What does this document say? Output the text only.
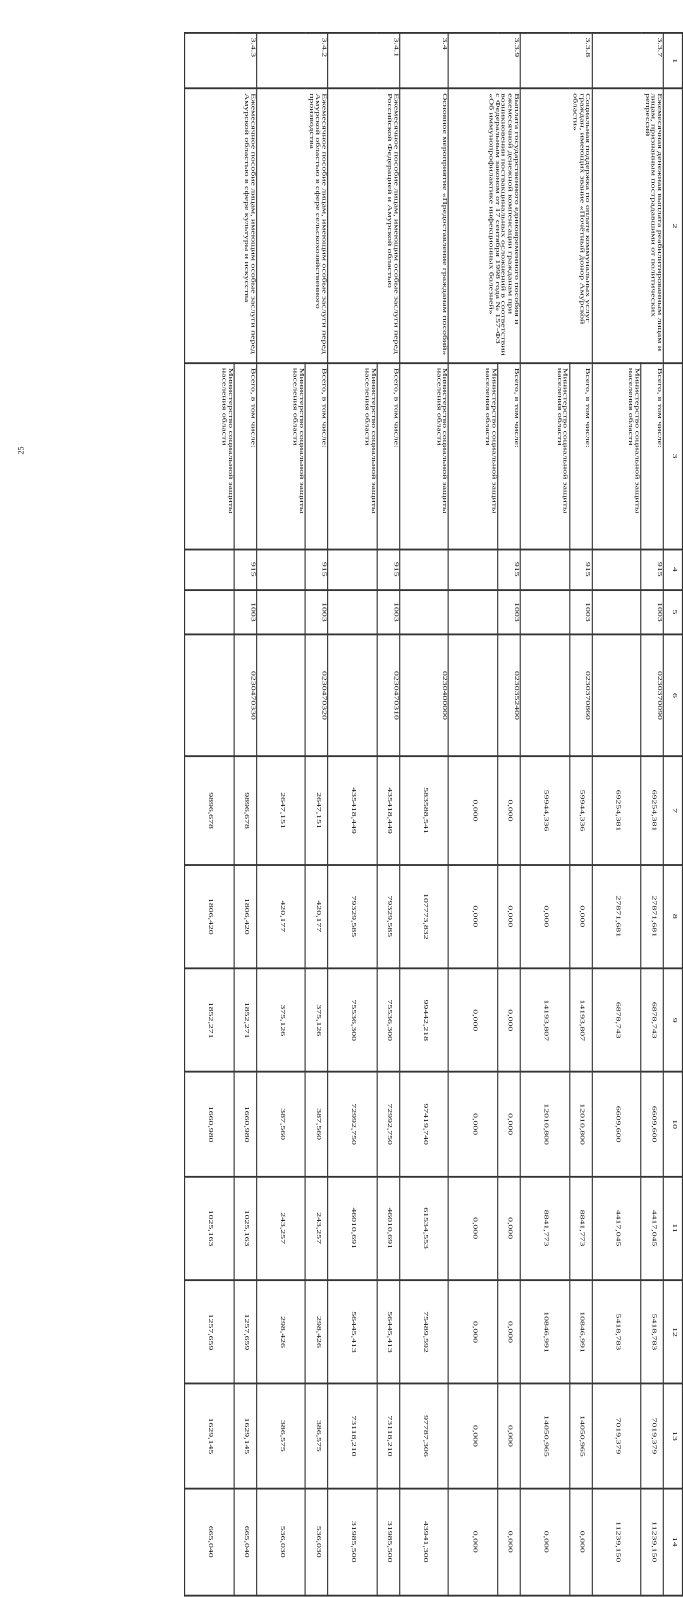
25
1	2	3	4	5	6	7	8	9	10	11	12	13	14
3.3.7	Ежемесячная денежная выплата реабилитированным лицам и лицам, признанным пострадавшими от политических репрессий	Всего, в том числе:	915	1003	0230370090	69254,381	27871,681	6878,743	6609,600	4417,045	5418,783	7019,379	11239,150
		Министерство социальной защиты населения области				69254,381	27871,681	6878,743	6609,600	4417,045	5418,783	7019,379	11239,150
3.3.8	Социальная поддержка по оплате коммунальных услуг граждан, имеющих звание «Почётный донор Амурской области»	Всего, в том числе:	915	1003	0230370860	59944,336	0,000	14193,807	12010,800	8841,773	10846,991	14050,965	0,000
		Министерство социальной защиты населения области				59944,336	0,000	14193,807	12010,800	8841,773	10846,991	14050,965	0,000
3.3.9	Выплата государственного единовременного пособия и ежемесячной денежной компенсации гражданам при возникновении поствакцинальных осложнений в соответствии с Федеральным законом от 17 сентября 1998 года № 157-ФЗ «Об иммунопрофилактике инфекционных болезней»	Всего, в том числе:	915	1003	0230352400	0,000	0,000	0,000	0,000	0,000	0,000	0,000	0,000
		Министерство социальной защиты населения области				0,000	0,000	0,000	0,000	0,000	0,000	0,000	0,000
3.4	Основное мероприятие «Предоставление гражданам пособий»	Министерство социальной защиты населения области			0230400000	583588,541	107773,832	99442,218	97419,740	61534,553	75489,592	97787,306	43941,300
3.4.1	Ежемесячное пособие лицам, имеющим особые заслуги перед Российской Федерацией и Амурской областью	Всего, в том числе:	915	1003	0230470310	435418,449	79329,585	75536,300	72992,750	46010,691	56445,413	73118,210	31985,500
		Министерство социальной защиты населения области				435418,449	79329,585	75536,300	72992,750	46010,691	56445,413	73118,210	31985,500
3.4.2	Ежемесячное пособие лицам, имеющим особые заслуги перед Амурской областью в сфере сельскохозяйственного производства	Всего, в том числе:	915	1003	0230470320	2647,151	420,177	375,126	387,560	243,257	298,426	386,575	536,030
		Министерство социальной защиты населения области				2647,151	420,177	375,126	387,560	243,257	298,426	386,575	536,030
3.4.3	Ежемесячное пособие лицам, имеющим особые заслуги перед Амурской областью в сфере культуры и искусства	Всего, в том числе:	915	1003	0230470330	9896,678	1806,420	1852,271	1660,980	1025,163	1257,659	1629,145	665,040
		Министерство социальной защиты населения области				9896,678	1806,420	1852,271	1660,980	1025,163	1257,659	1629,145	665,040
